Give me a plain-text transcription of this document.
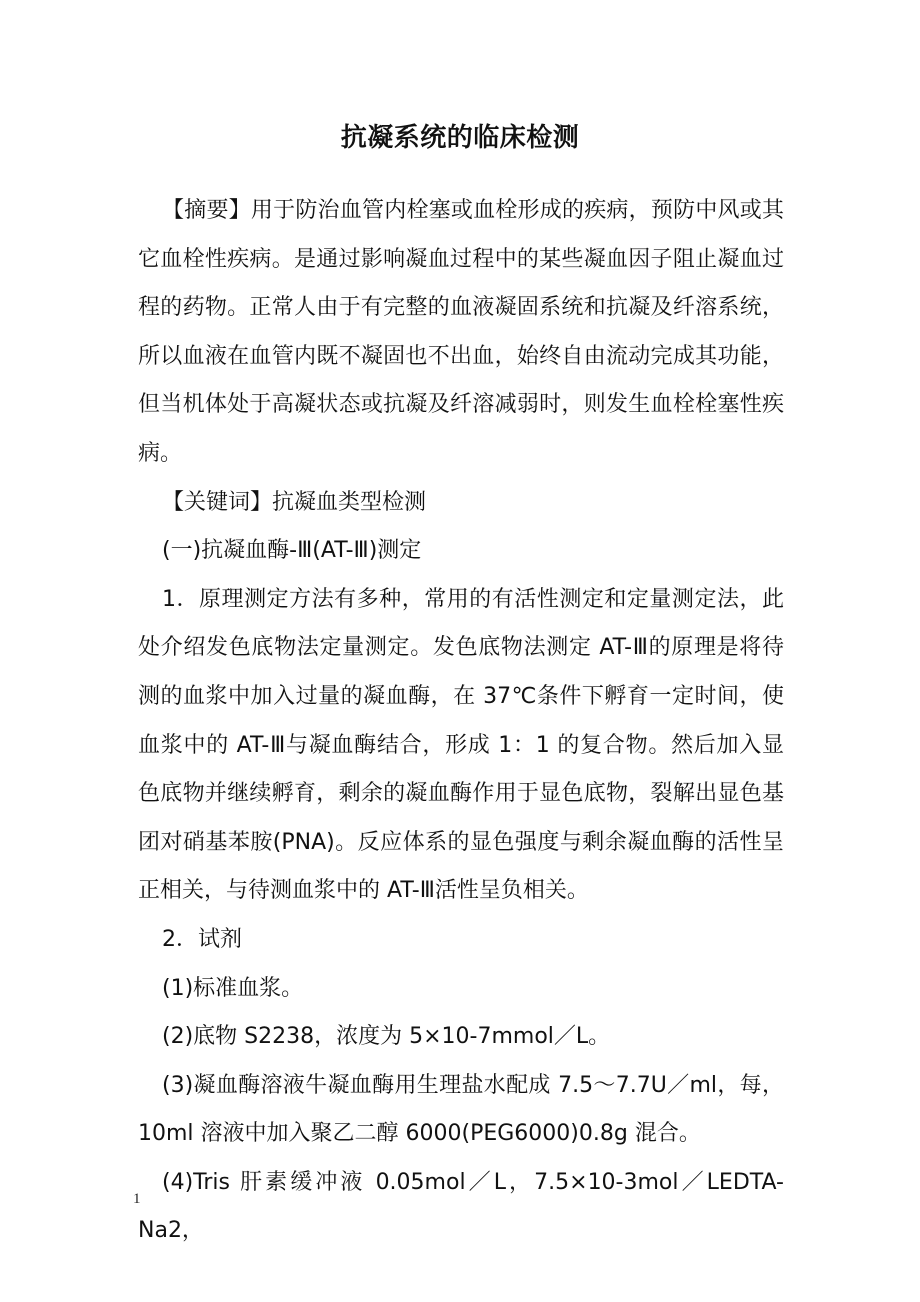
抗凝系统的临床检测

【摘要】用于防治血管内栓塞或血栓形成的疾病，预防中风或其它血栓性疾病。是通过影响凝血过程中的某些凝血因子阻止凝血过程的药物。正常人由于有完整的血液凝固系统和抗凝及纤溶系统，所以血液在血管内既不凝固也不出血，始终自由流动完成其功能，但当机体处于高凝状态或抗凝及纤溶减弱时，则发生血栓栓塞性疾病。

【关键词】抗凝血类型检测

(一)抗凝血酶-Ⅲ(AT-Ⅲ)测定

1．原理测定方法有多种，常用的有活性测定和定量测定法，此处介绍发色底物法定量测定。发色底物法测定 AT-Ⅲ的原理是将待测的血浆中加入过量的凝血酶，在 37℃条件下孵育一定时间，使血浆中的 AT-Ⅲ与凝血酶结合，形成 1：1 的复合物。然后加入显色底物并继续孵育，剩余的凝血酶作用于显色底物，裂解出显色基团对硝基苯胺(PNA)。反应体系的显色强度与剩余凝血酶的活性呈正相关，与待测血浆中的 AT-Ⅲ活性呈负相关。

2．试剂

(1)标准血浆。

(2)底物 S2238，浓度为 5×10-7mmol／L。

(3)凝血酶溶液牛凝血酶用生理盐水配成 7.5～7.7U／ml，每，10ml 溶液中加入聚乙二醇 6000(PEG6000)0.8g 混合。

(4)Tris 肝素缓冲液 0.05mol／L，7.5×10-3mol／LEDTA-Na2，

1
